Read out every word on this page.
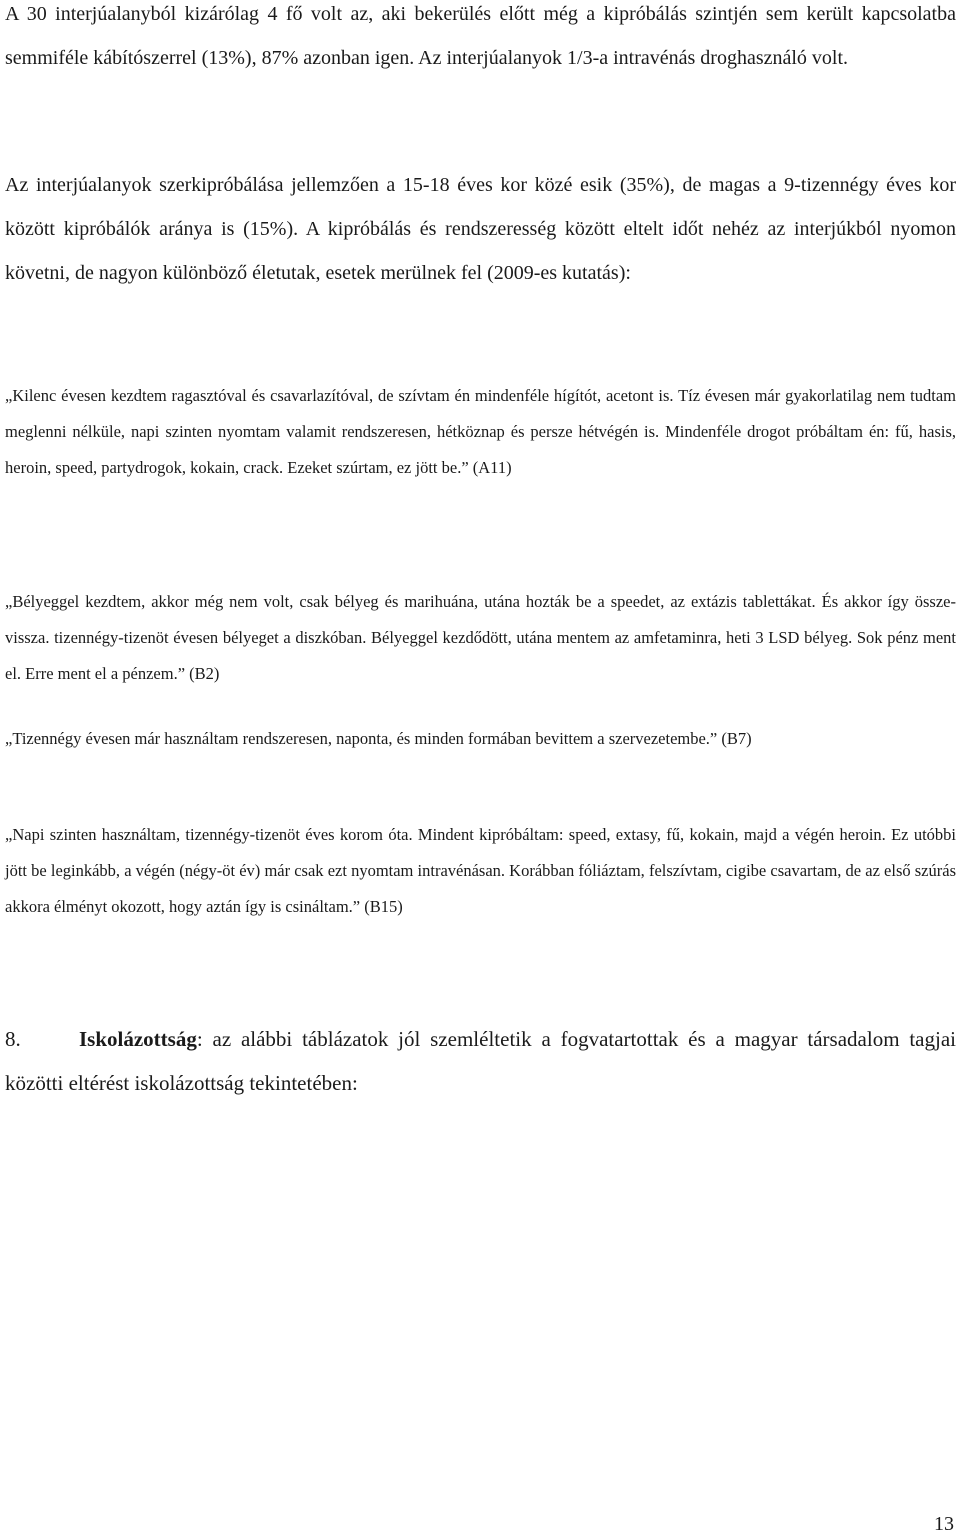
A 30 interjúalanyból kizárólag 4 fő volt az, aki bekerülés előtt még a kipróbálás szintjén sem került kapcsolatba semmiféle kábítószerrel (13%), 87% azonban igen. Az interjúalanyok 1/3-a intravénás droghasználó volt.

Az interjúalanyok szerkipróbálása jellemzően a 15-18 éves kor közé esik (35%), de magas a 9-tizennégy éves kor között kipróbálók aránya is (15%). A kipróbálás és rendszeresség között eltelt időt nehéz az interjúkból nyomon követni, de nagyon különböző életutak, esetek merülnek fel (2009-es kutatás):

„Kilenc évesen kezdtem ragasztóval és csavarlazítóval, de szívtam én mindenféle hígítót, acetont is. Tíz évesen már gyakorlatilag nem tudtam meglenni nélküle, napi szinten nyomtam valamit rendszeresen, hétköznap és persze hétvégén is. Mindenféle drogot próbáltam én: fű, hasis, heroin, speed, partydrogok, kokain, crack. Ezeket szúrtam, ez jött be.” (A11)

„Bélyeggel kezdtem, akkor még nem volt, csak bélyeg és marihuána, utána hozták be a speedet, az extázis tablettákat. És akkor így össze-vissza. tizennégy-tizenöt évesen bélyeget a diszkóban. Bélyeggel kezdődött, utána mentem az amfetaminra, heti 3 LSD bélyeg. Sok pénz ment el. Erre ment el a pénzem.” (B2)

„Tizennégy évesen már használtam rendszeresen, naponta, és minden formában bevittem a szervezetembe.” (B7)

„Napi szinten használtam, tizennégy-tizenöt éves korom óta. Mindent kipróbáltam: speed, extasy, fű, kokain, majd a végén heroin. Ez utóbbi jött be leginkább, a végén (négy-öt év) már csak ezt nyomtam intravénásan. Korábban fóliáztam, felszívtam, cigibe csavartam, de az első szúrás akkora élményt okozott, hogy aztán így is csináltam.” (B15)

8.	Iskolázottság: az alábbi táblázatok jól szemléltetik a fogvatartottak és a magyar társadalom tagjai közötti eltérést iskolázottság tekintetében:

13
